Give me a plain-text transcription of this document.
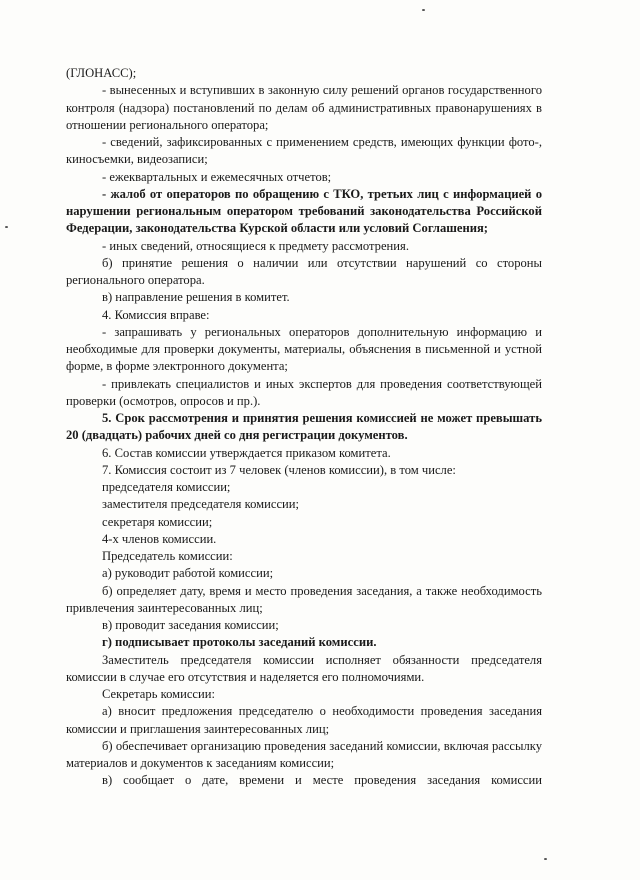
(ГЛОНАСС);

- вынесенных и вступивших в законную силу решений органов государственного контроля (надзора) постановлений по делам об административных правонарушениях в отношении регионального оператора;

- сведений, зафиксированных с применением средств, имеющих функции фото-, киносъемки, видеозаписи;

- ежеквартальных и ежемесячных отчетов;

- жалоб от операторов по обращению с ТКО, третьих лиц с информацией о нарушении региональным оператором требований законодательства Российской Федерации, законодательства Курской области или условий Соглашения;

- иных сведений, относящиеся к предмету рассмотрения.

б) принятие решения о наличии или отсутствии нарушений со стороны регионального оператора.

в) направление решения в комитет.

4. Комиссия вправе:

- запрашивать у региональных операторов дополнительную информацию и необходимые для проверки документы, материалы, объяснения в письменной и устной форме, в форме электронного документа;

- привлекать специалистов и иных экспертов для проведения соответствующей проверки (осмотров, опросов и пр.).

5. Срок рассмотрения и принятия решения комиссией не может превышать 20 (двадцать) рабочих дней со дня регистрации документов.

6. Состав комиссии утверждается приказом комитета.

7. Комиссия состоит из 7 человек (членов комиссии), в том числе:

председателя комиссии;

заместителя председателя комиссии;

секретаря комиссии;

4-х членов комиссии.

Председатель комиссии:

а) руководит работой комиссии;

б) определяет дату, время и место проведения заседания, а также необходимость привлечения заинтересованных лиц;

в) проводит заседания комиссии;

г) подписывает протоколы заседаний комиссии.

Заместитель председателя комиссии исполняет обязанности председателя комиссии в случае его отсутствия и наделяется его полномочиями.

Секретарь комиссии:

а) вносит предложения председателю о необходимости проведения заседания комиссии и приглашения заинтересованных лиц;

б) обеспечивает организацию проведения заседаний комиссии, включая рассылку материалов и документов к заседаниям комиссии;

в) сообщает о дате, времени и месте проведения заседания комиссии
